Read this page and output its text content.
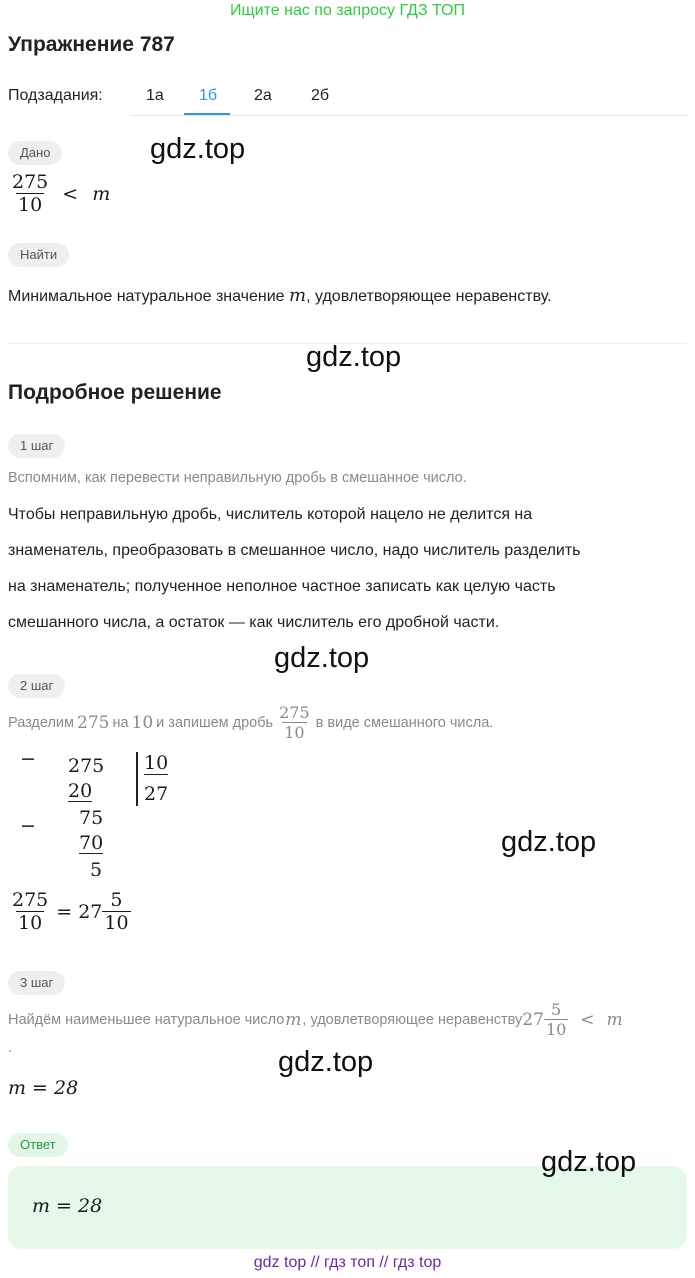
Ищите нас по запросу ГДЗ ТОП
Упражнение 787
Подзадания:	1а 1б 2а 2б
Дано	gdz.top
$\frac{275}{10} < m$
Найти
Минимальное натуральное значение m, удовлетворяющее неравенству.
gdz.top
Подробное решение
1 шаг
Вспомним, как перевести неправильную дробь в смешанное число.
Чтобы неправильную дробь, числитель которой нацело не делится на
знаменатель, преобразовать в смешанное число, надо числитель разделить
на знаменатель; полученное неполное частное записать как целую часть
смешанного числа, а остаток — как числитель его дробной части.
gdz.top
2 шаг
Разделим 275 на 10 и запишем дробь $\frac{275}{10}$ в виде смешанного числа.
− 275
20
− 75
70
5
10
27
gdz.top
$\frac{275}{10} = 27 \frac{5}{10}$
3 шаг
Найдём наименьшее натуральное число m , удовлетворяющее неравенству $27 \frac{5}{10} < m$
.	gdz.top
m = 28
Ответ
gdz.top
m = 28
gdz top // гдз топ // гдз top
